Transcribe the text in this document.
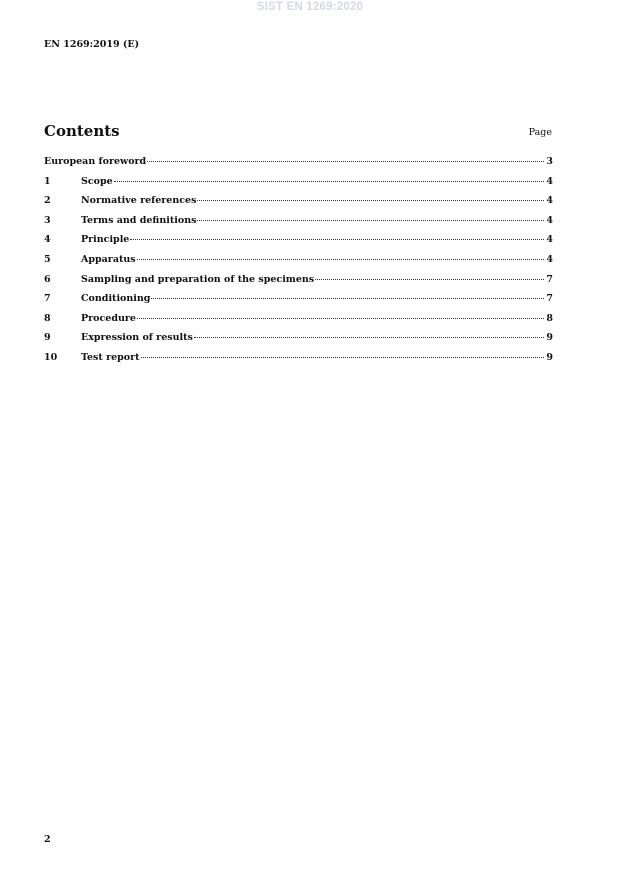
SIST EN 1269:2020
EN 1269:2019 (E)
Contents	Page
European foreword	3
1	Scope	4
2	Normative references	4
3	Terms and definitions	4
4	Principle	4
5	Apparatus	4
6	Sampling and preparation of the specimens	7
7	Conditioning	7
8	Procedure	8
9	Expression of results	9
10	Test report	9
2
